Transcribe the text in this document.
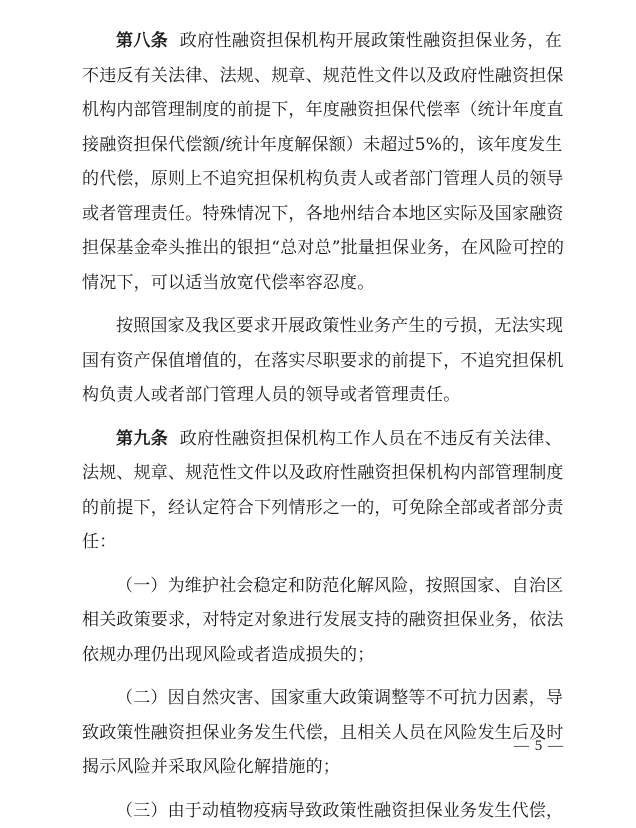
第八条 政府性融资担保机构开展政策性融资担保业务，在
不违反有关法律、法规、规章、规范性文件以及政府性融资担保
机构内部管理制度的前提下，年度融资担保代偿率（统计年度直
接融资担保代偿额/统计年度解保额）未超过5%的，该年度发生
的代偿，原则上不追究担保机构负责人或者部门管理人员的领导
或者管理责任。特殊情况下，各地州结合本地区实际及国家融资
担保基金牵头推出的银担“总对总”批量担保业务，在风险可控的
情况下，可以适当放宽代偿率容忍度。
按照国家及我区要求开展政策性业务产生的亏损，无法实现
国有资产保值增值的，在落实尽职要求的前提下，不追究担保机
构负责人或者部门管理人员的领导或者管理责任。
第九条 政府性融资担保机构工作人员在不违反有关法律、
法规、规章、规范性文件以及政府性融资担保机构内部管理制度
的前提下，经认定符合下列情形之一的，可免除全部或者部分责
任：
（一）为维护社会稳定和防范化解风险，按照国家、自治区
相关政策要求，对特定对象进行发展支持的融资担保业务，依法
依规办理仍出现风险或者造成损失的；
（二）因自然灾害、国家重大政策调整等不可抗力因素，导
致政策性融资担保业务发生代偿，且相关人员在风险发生后及时
揭示风险并采取风险化解措施的；
（三）由于动植物疫病导致政策性融资担保业务发生代偿，
— 5 —
